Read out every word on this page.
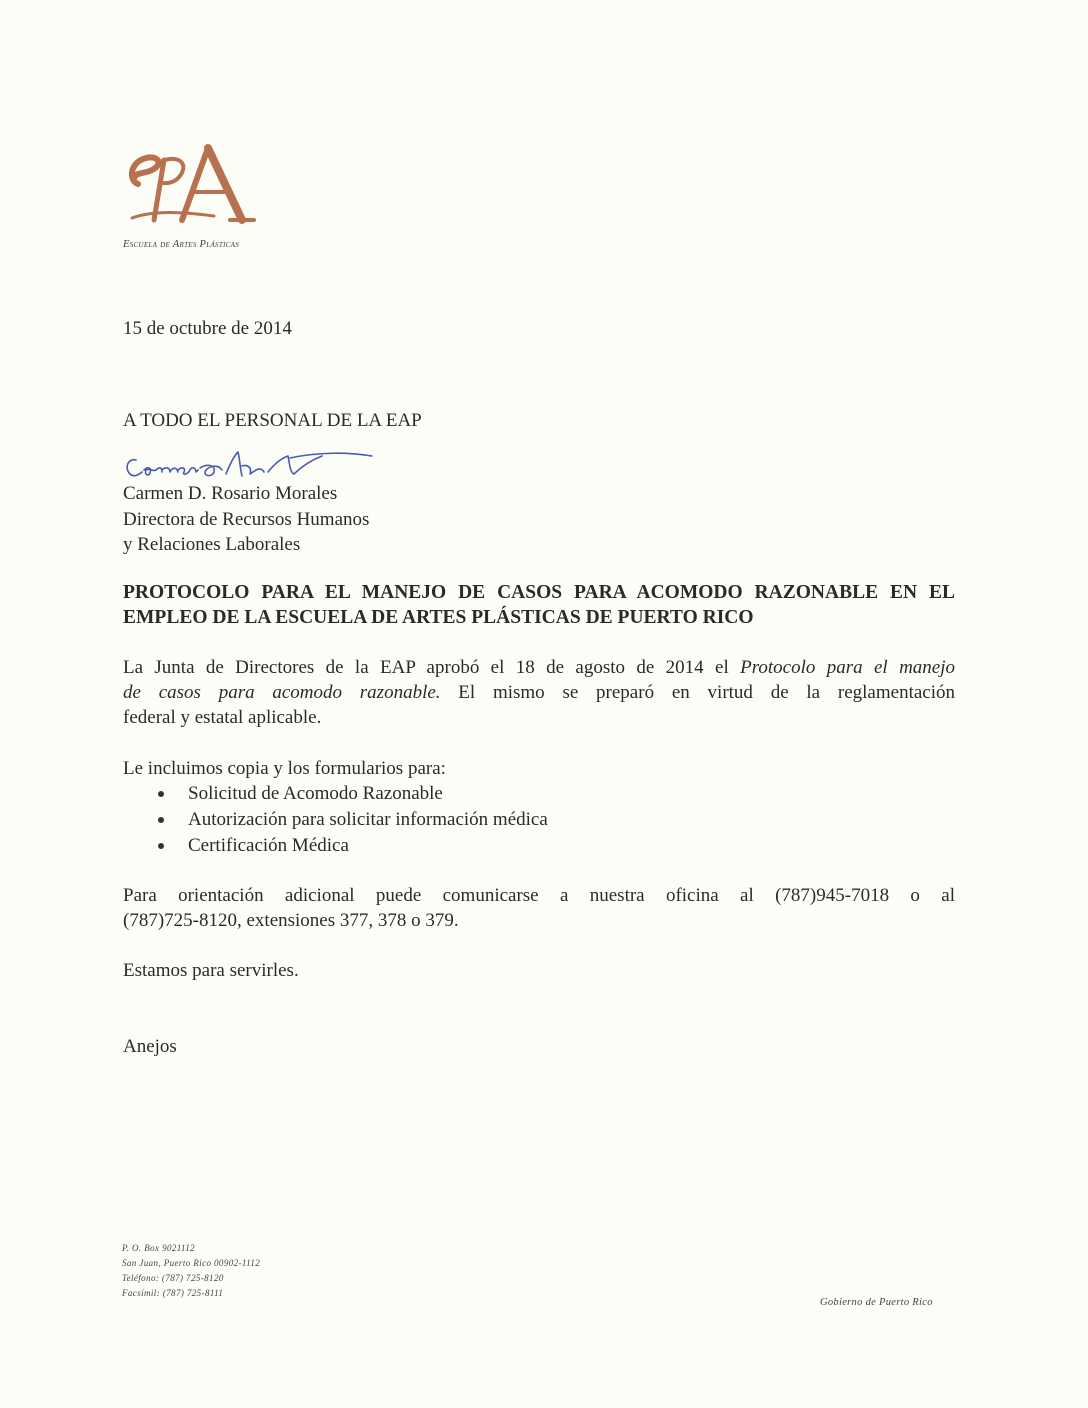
Escuela de Artes Plásticas
15 de octubre de 2014
A TODO EL PERSONAL DE LA EAP
Carmen D. Rosario Morales
Directora de Recursos Humanos
y Relaciones Laborales
PROTOCOLO PARA EL MANEJO DE CASOS PARA ACOMODO RAZONABLE EN EL
EMPLEO DE LA ESCUELA DE ARTES PLÁSTICAS DE PUERTO RICO
La Junta de Directores de la EAP aprobó el 18 de agosto de 2014 el Protocolo para el manejo
de casos para acomodo razonable. El mismo se preparó en virtud de la reglamentación
federal y estatal aplicable.
Le incluimos copia y los formularios para:
Solicitud de Acomodo Razonable
Autorización para solicitar información médica
Certificación Médica
Para orientación adicional puede comunicarse a nuestra oficina al (787)945-7018 o al
(787)725-8120, extensiones 377, 378 o 379.
Estamos para servirles.
Anejos
P. O. Box 9021112
San Juan, Puerto Rico 00902-1112
Teléfono: (787) 725-8120
Facsímil: (787) 725-8111
Gobierno de Puerto Rico
